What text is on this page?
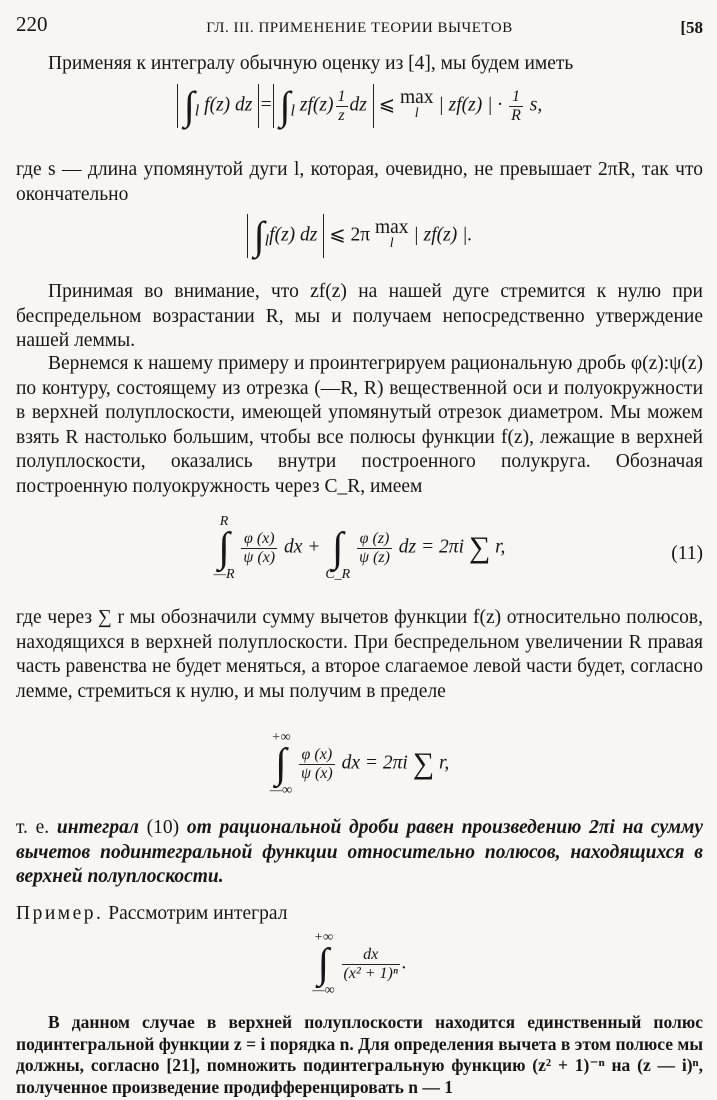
220	ГЛ. III. ПРИМЕНЕНИЕ ТЕОРИИ ВЫЧЕТОВ	[58

Применяя к интегралу обычную оценку из [4], мы будем иметь

$\int_l$ f(z) dz = $\int_l$ $zf(z) \frac{1}{z}$ dz ⩽ max
l	| zf(z) | · $\frac{1}{R} s$,

где s — длина упомянутой дуги l, которая, очевидно, не превышает 2πR, так что окончательно

$\int_lf(z)$ dz ⩽ 2π max
l	| zf(z) |.

Принимая во внимание, что zf(z) на нашей дуге стремится к нулю при беспредельном возрастании R, мы и получаем непосредственно утверждение нашей леммы.

Вернемся к нашему примеру и проинтегрируем рациональную дробь φ(z):ψ(z) по контуру, состоящему из отрезка (—R, R) вещественной оси и полуокружности в верхней полуплоскости, имеющей упомянутый отрезок диаметром. Мы можем взять R настолько большим, чтобы все полюсы функции f(z), лежащие в верхней полуплоскости, оказались внутри построенного полукруга. Обозначая построенную полуокружность через C_R, имеем

R
∫
—R
$\frac{\varphi (x)}{\psi (x)}$ dx + ∫
C_R
$\frac{\varphi (z)}{\psi (z)}$ dz = 2πi ∑ r,	(11)

где через ∑ r мы обозначили сумму вычетов функции f(z) относительно полюсов, находящихся в верхней полуплоскости. При беспредельном увеличении R правая часть равенства не будет меняться, а второе слагаемое левой части будет, согласно лемме, стремиться к нулю, и мы получим в пределе

+∞
∫
—∞
$\frac{\varphi (x)}{\psi (x)}$ dx = 2πi ∑ r,

т. е. интеграл (10) от рациональной дроби равен произведению 2πi на сумму вычетов подинтегральной функции относительно полюсов, находящихся в верхней полуплоскости.

Пример. Рассмотрим интеграл

+∞
∫
—∞
$\frac{dx}{\text{(x² + 1)ⁿ}}$ .

В данном случае в верхней полуплоскости находится единственный полюс подинтегральной функции z = i порядка n. Для определения вычета в этом полюсе мы должны, согласно [21], помножить подинтегральную функцию (z² + 1)⁻ⁿ на (z — i)ⁿ, полученное произведение продифференцировать n — 1
